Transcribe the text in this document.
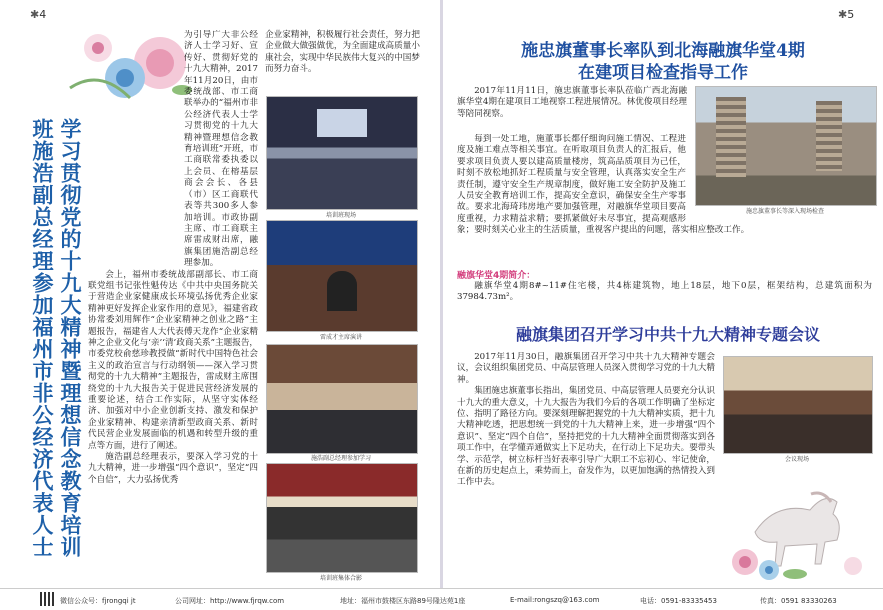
✱4
学习贯彻党的十九大精神暨理想信念教育培训班施浩副总经理参加福州市非公经济代表人士

为引导广大非公经济人士学习好、宣传好、贯彻好党的十九大精神，2017年11月20日，由市委统战部、市工商联举办的“福州市非公经济代表人士学习贯彻党的十九大精神暨理想信念教育培训班”开班，市工商联常委执委以上会员、在榕基层商会会长、各县（市）区工商联代表等共300多人参加培训。市政协副主席、市工商联主席雷成财出席，融旗集团施浩副总经理参加。

会上，福州市委统战部副部长、市工商联党组书记张性魁传达《中共中央国务院关于营造企业家健康成长环境弘扬优秀企业家精神更好发挥企业家作用的意见》，福建省政协常委刘用辉作“企业家精神之创业之路”主题报告，福建省人大代表傅天龙作“企业家精神之企业文化与‘亲’‘清’政商关系”主题报告，市委党校俞慈珍教授做“新时代中国特色社会主义的政治宣言与行动纲领——深入学习贯彻党的十九大精神”主题报告，雷成财主席围绕党的十九大报告关于促进民营经济发展的重要论述，结合工作实际，从坚守实体经济、加强对中小企业创新支持、激发和保护企业家精神、构建亲清新型政商关系、新时代民营企业发展面临的机遇和转型升级的重点等方面，进行了阐述。

施浩副总经理表示，要深入学习党的十九大精神，进一步增强“四个意识”，坚定“四个自信”，大力弘扬优秀

企业家精神，积极履行社会责任，努力把企业做大做强做优，为全面建成高质量小康社会，实现中华民族伟大复兴的中国梦而努力奋斗。

培训班现场
雷成才主席演讲
施浩副总经理参加学习
培训班集体合影
✱5
施忠旗董事长率队到北海融旗华堂4期
在建项目检查指导工作

2017年11月11日，施忠旗董事长率队莅临广西北海融旗华堂4期在建项目工地视察工程进展情况。林优俊项目经理等陪同视察。

每到一处工地，施董事长都仔细询问施工情况、工程进度及施工难点等相关事宜。在听取项目负责人的汇报后，他要求项目负责人要以建高质量楼房，筑高品质项目为己任，时刻不放松地抓好工程质量与安全管理，认真落实安全生产责任制，遵守安全生产规章制度，做好施工安全防护及施工人员安全教育培训工作，提高安全意识，确保安全生产零事故。要求北海琦玮房地产要加强管理，对融旗华堂项目要高度重视，力求精益求精；要抓紧做好未尽事宜，提高观感形象；要时刻关心业主的生活质量，重视客户提出的问题，落实相应整改工作。

施忠旗董事长等深入现场检查
融旗华堂4期简介：

融旗华堂4期8#~11#住宅楼，共4栋建筑物，地上18层，地下0层，框架结构，总建筑面积为37984.73m²。

融旗集团召开学习中共十九大精神专题会议

2017年11月30日，融旗集团召开学习中共十九大精神专题会议，会议组织集团党员、中高层管理人员深入贯彻学习党的十九大精神。

集团施忠旗董事长指出，集团党员、中高层管理人员要充分认识十九大的重大意义，十九大报告为我们今后的各项工作明确了坐标定位、指明了路径方向。要深刻理解把握党的十九大精神实质，把十九大精神吃透，把思想统一到党的十九大精神上来，进一步增强“四个意识”、坚定“四个自信”，坚持把党的十九大精神全面贯彻落实到各项工作中，在学懂弄通做实上下足功夫，在行动上下足功夫。要带头学、示范学，树立标杆当好表率引导广大职工不忘初心、牢记使命，在新的历史起点上，乘势而上，奋发作为，以更加饱满的热情投入到工作中去。

会议现场
微信公众号：fjrongqi jt	公司网址：http://www.fjrqw.com	地址：福州市鼓楼区东路89号隆达苑1座	E-mail:rongszq@163.com	电话：0591-83335453	传真：0591 83330263
